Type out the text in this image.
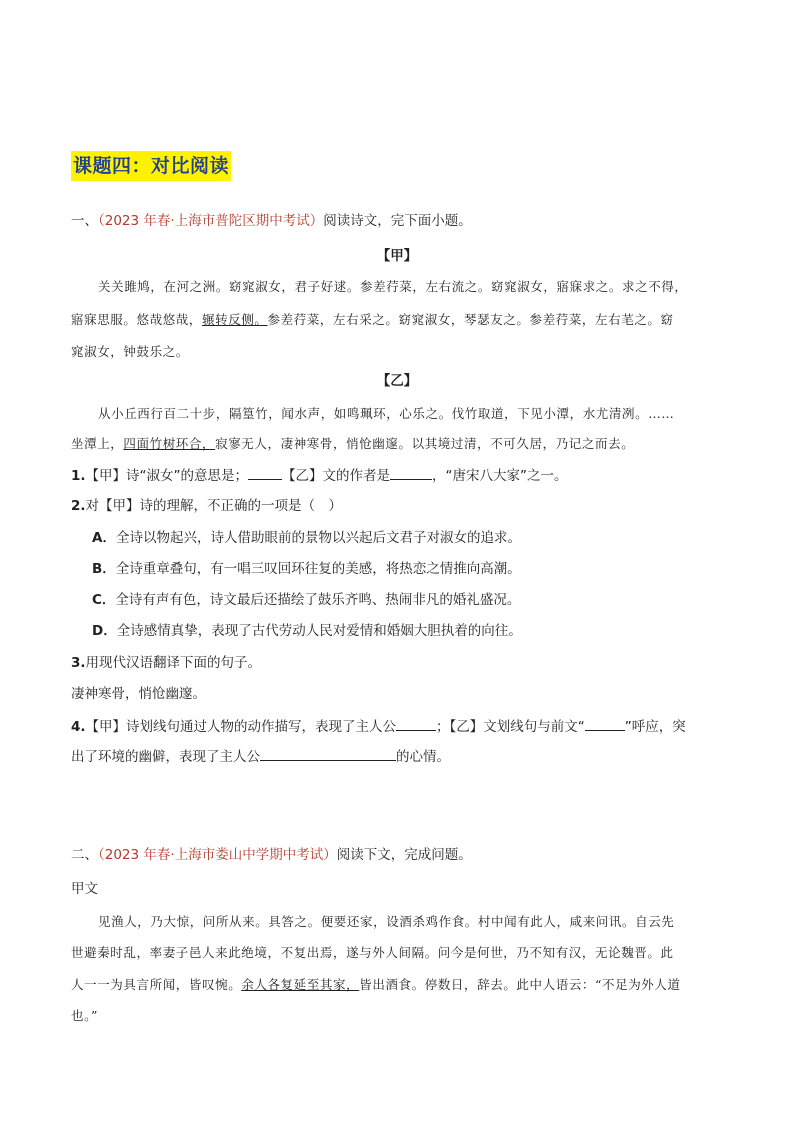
课题四：对比阅读
一、（2023 年春·上海市普陀区期中考试）阅读诗文，完下面小题。
【甲】
关关雎鸠，在河之洲。窈窕淑女，君子好逑。参差荇菜，左右流之。窈窕淑女，寤寐求之。求之不得，
寤寐思服。悠哉悠哉，辗转反侧。参差荇菜，左右采之。窈窕淑女，琴瑟友之。参差荇菜，左右芼之。窈
窕淑女，钟鼓乐之。
【乙】
从小丘西行百二十步，隔篁竹，闻水声，如鸣珮环，心乐之。伐竹取道，下见小潭，水尤清冽。……
坐潭上，四面竹树环合，寂寥无人，凄神寒骨，悄怆幽邃。以其境过清，不可久居，乃记之而去。
1.【甲】诗“淑女”的意思是；	【乙】文的作者是	，“唐宋八大家”之一。
2.对【甲】诗的理解，不正确的一项是（　）
A．全诗以物起兴，诗人借助眼前的景物以兴起后文君子对淑女的追求。
B．全诗重章叠句，有一唱三叹回环往复的美感，将热恋之情推向高潮。
C．全诗有声有色，诗文最后还描绘了鼓乐齐鸣、热闹非凡的婚礼盛况。
D．全诗感情真挚，表现了古代劳动人民对爱情和婚姻大胆执着的向往。
3.用现代汉语翻译下面的句子。
凄神寒骨，悄怆幽邃。
4.【甲】诗划线句通过人物的动作描写，表现了主人公	；【乙】文划线句与前文“	”呼应，突
出了环境的幽僻，表现了主人公	的心情。
二、（2023 年春·上海市娄山中学期中考试）阅读下文，完成问题。
甲文
见渔人，乃大惊，问所从来。具答之。便要还家，设酒杀鸡作食。村中闻有此人，咸来问讯。自云先
世避秦时乱，率妻子邑人来此绝境，不复出焉，遂与外人间隔。问今是何世，乃不知有汉，无论魏晋。此
人一一为具言所闻，皆叹惋。余人各复延至其家，皆出酒食。停数日，辞去。此中人语云：“不足为外人道
也。”
